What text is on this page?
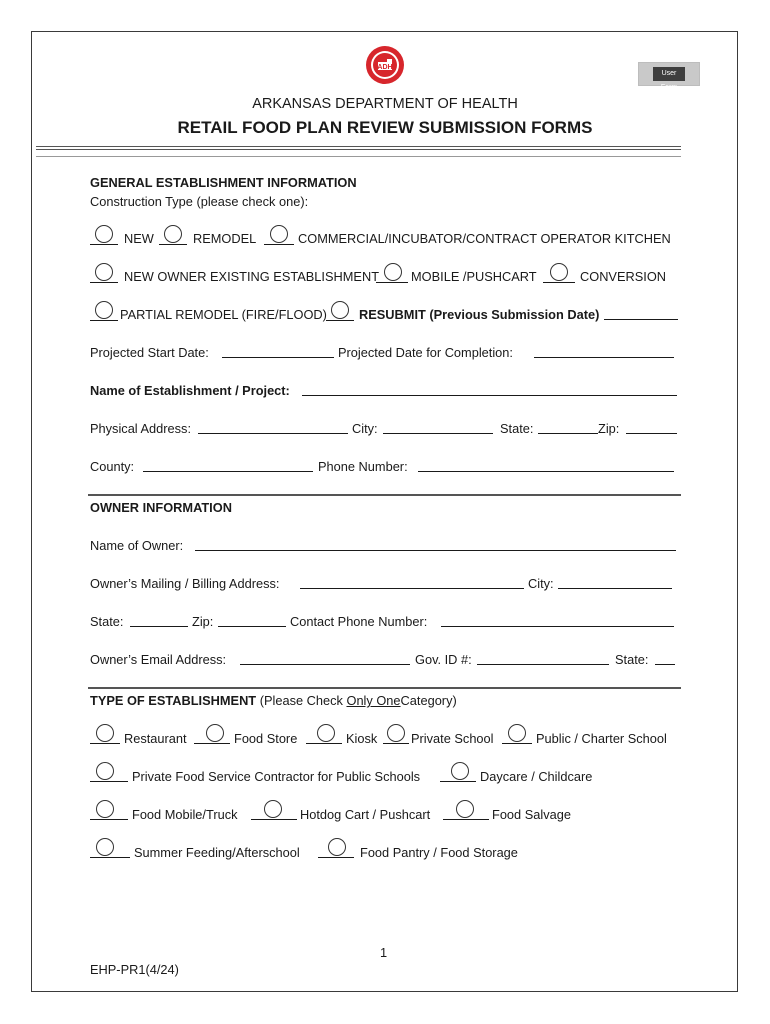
ADH
User Form
ARKANSAS DEPARTMENT OF HEALTH
RETAIL FOOD PLAN REVIEW SUBMISSION FORMS
GENERAL ESTABLISHMENT INFORMATION
Construction Type (please check one):
NEW	REMODEL	COMMERCIAL/INCUBATOR/CONTRACT OPERATOR KITCHEN
NEW OWNER EXISTING ESTABLISHMENT MOBILE /PUSHCART	CONVERSION
PARTIAL REMODEL (FIRE/FLOOD)	RESUBMIT (Previous Submission Date)
Projected Start Date:	Projected Date for Completion:
Name of Establishment / Project:
Physical Address:	City:	State:	Zip:
County:	Phone Number:
OWNER INFORMATION
Name of Owner:
Owner’s Mailing / Billing Address:	City:
State:	Zip:	Contact Phone Number:
Owner’s Email Address:	Gov. ID #:	State:
TYPE OF ESTABLISHMENT (Please Check Only OneCategory)
Restaurant	Food Store	Kiosk	Private School	Public / Charter School
Private Food Service Contractor for Public Schools	Daycare / Childcare
Food Mobile/Truck	Hotdog Cart / Pushcart	Food Salvage
Summer Feeding/Afterschool	Food Pantry / Food Storage
1
EHP-PR1(4/24)
